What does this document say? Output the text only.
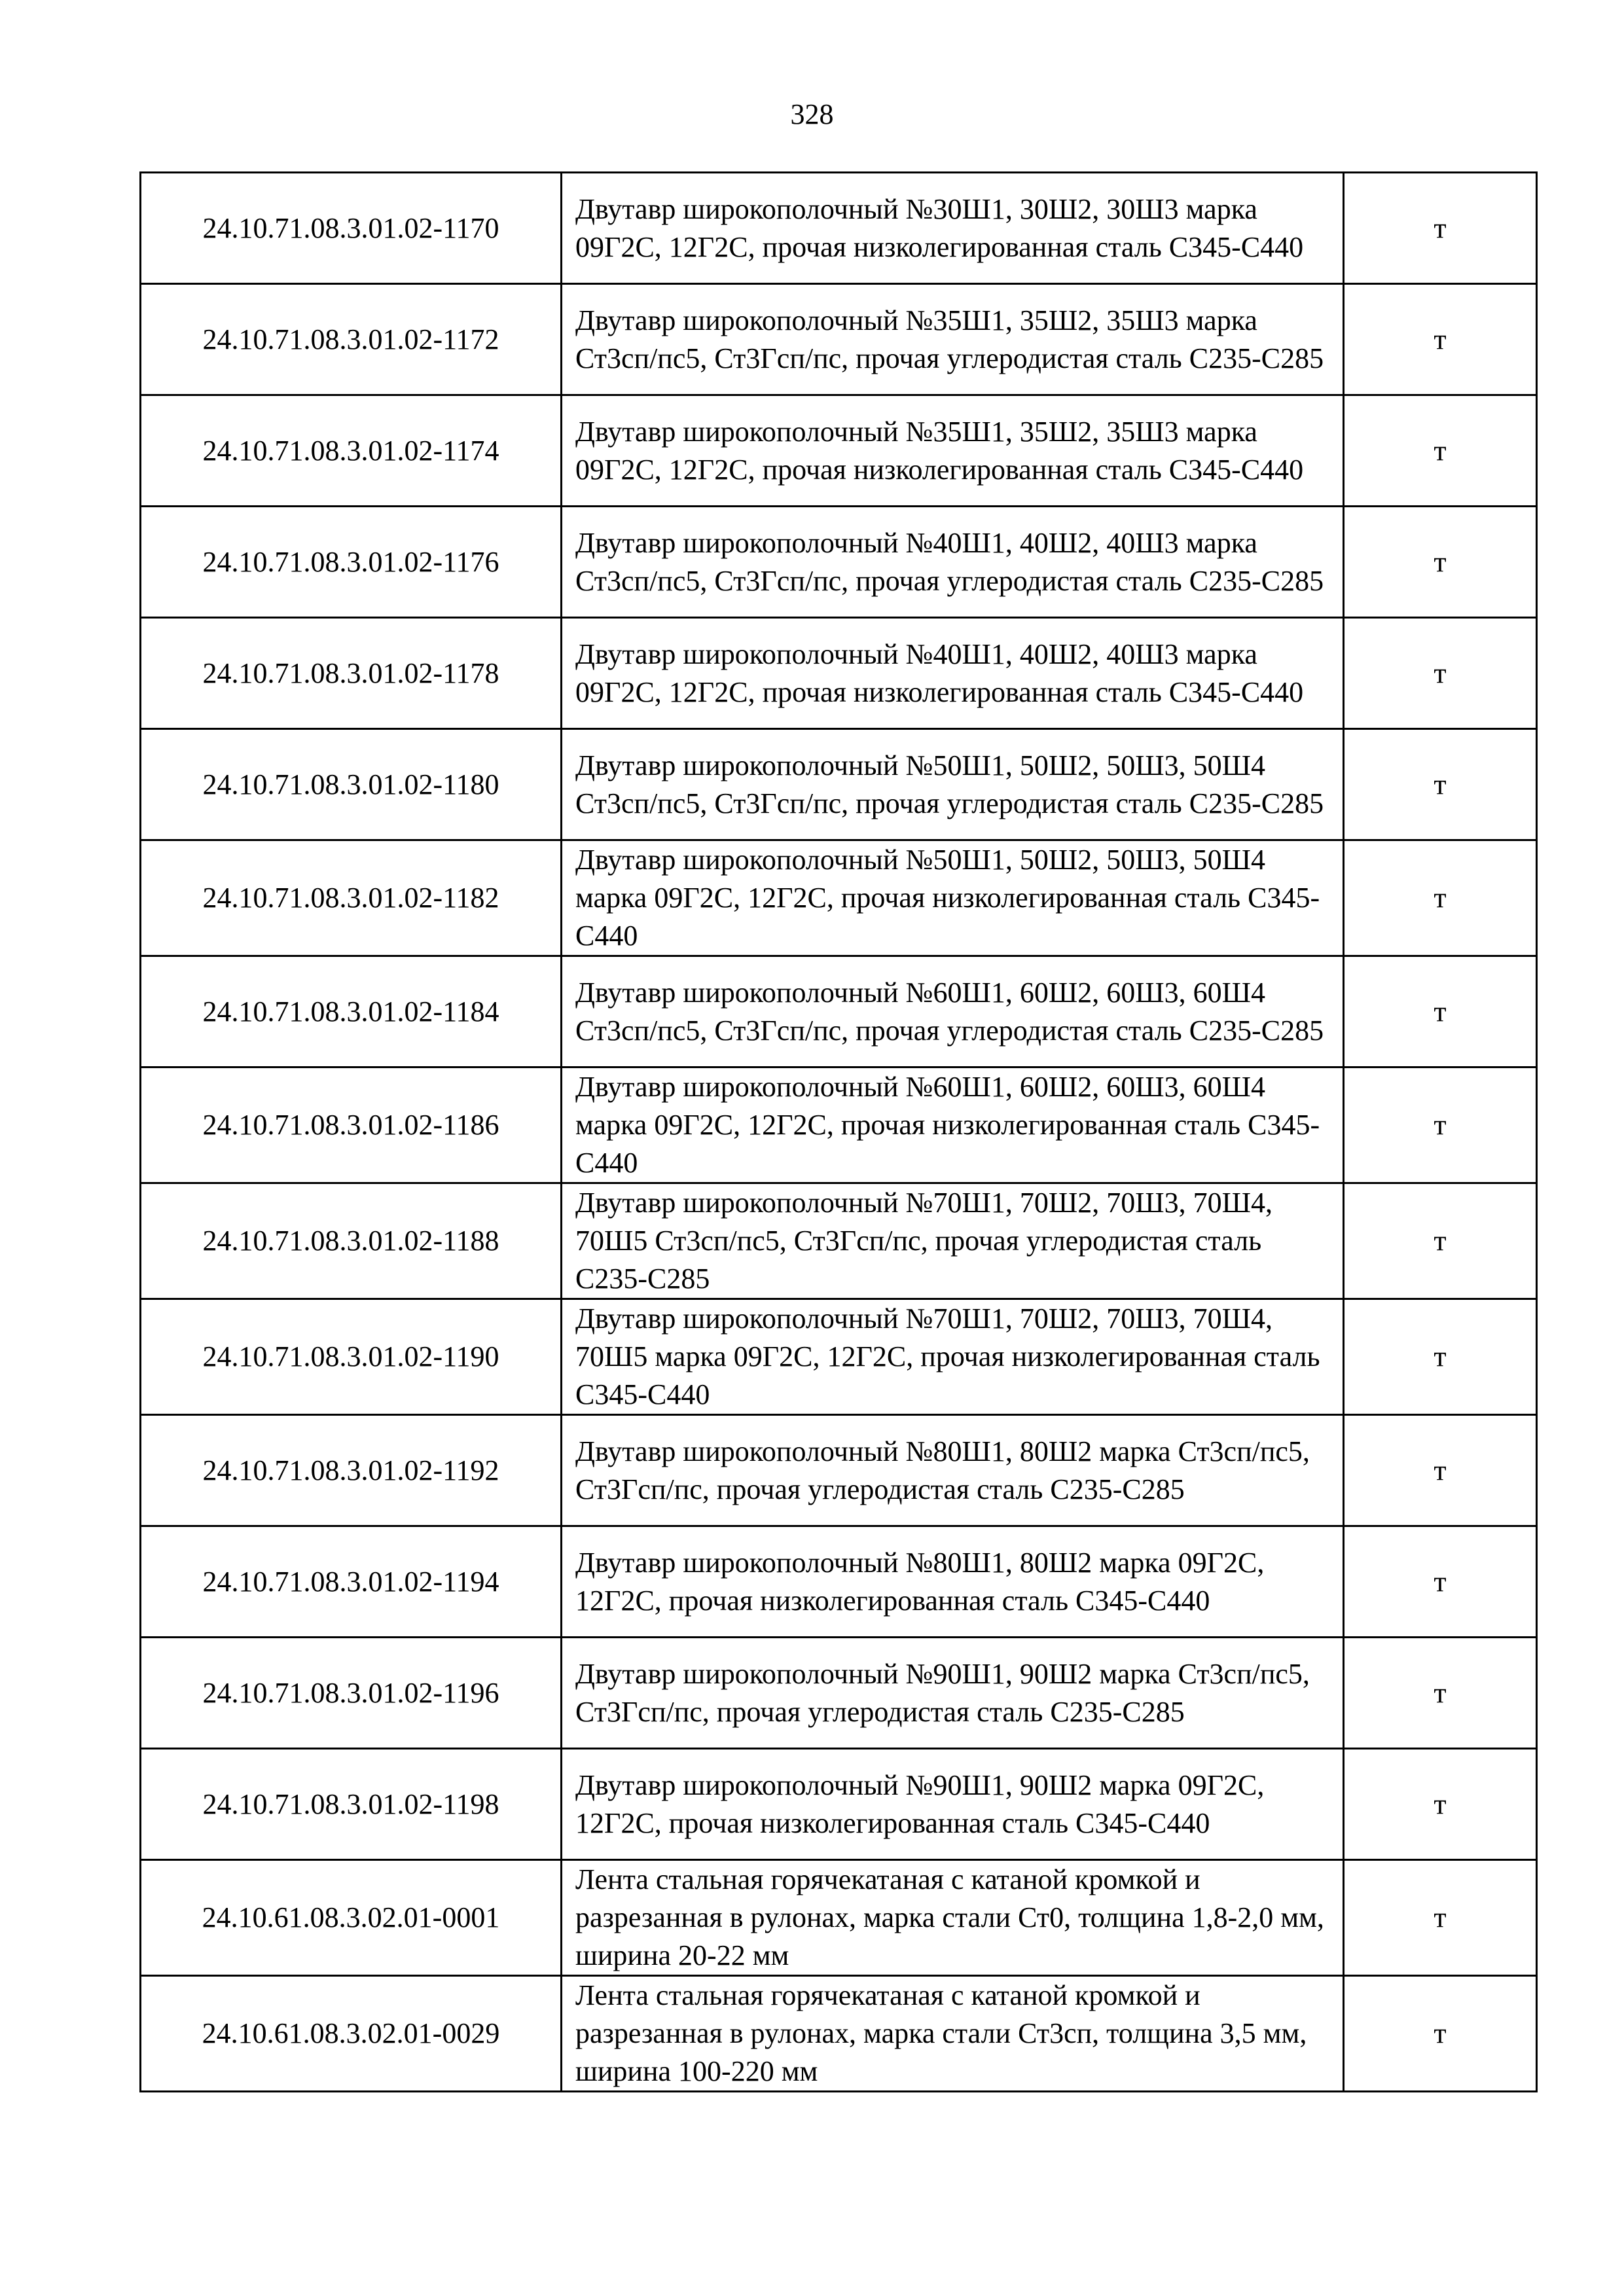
328
24.10.71.08.3.01.02-1170	Двутавр широкополочный №30Ш1, 30Ш2, 30Ш3 марка 09Г2С, 12Г2С, прочая низколегированная сталь С345-С440	т
24.10.71.08.3.01.02-1172	Двутавр широкополочный №35Ш1, 35Ш2, 35Ш3 марка Ст3сп/пс5, Ст3Гсп/пс, прочая углеродистая сталь С235-С285	т
24.10.71.08.3.01.02-1174	Двутавр широкополочный №35Ш1, 35Ш2, 35Ш3 марка 09Г2С, 12Г2С, прочая низколегированная сталь С345-С440	т
24.10.71.08.3.01.02-1176	Двутавр широкополочный №40Ш1, 40Ш2, 40Ш3 марка Ст3сп/пс5, Ст3Гсп/пс, прочая углеродистая сталь С235-С285	т
24.10.71.08.3.01.02-1178	Двутавр широкополочный №40Ш1, 40Ш2, 40Ш3 марка 09Г2С, 12Г2С, прочая низколегированная сталь С345-С440	т
24.10.71.08.3.01.02-1180	Двутавр широкополочный №50Ш1, 50Ш2, 50Ш3, 50Ш4 Ст3сп/пс5, Ст3Гсп/пс, прочая углеродистая сталь С235-С285	т
24.10.71.08.3.01.02-1182	Двутавр широкополочный №50Ш1, 50Ш2, 50Ш3, 50Ш4 марка 09Г2С, 12Г2С, прочая низколегированная сталь С345-С440	т
24.10.71.08.3.01.02-1184	Двутавр широкополочный №60Ш1, 60Ш2, 60Ш3, 60Ш4 Ст3сп/пс5, Ст3Гсп/пс, прочая углеродистая сталь С235-С285	т
24.10.71.08.3.01.02-1186	Двутавр широкополочный №60Ш1, 60Ш2, 60Ш3, 60Ш4 марка 09Г2С, 12Г2С, прочая низколегированная сталь С345-С440	т
24.10.71.08.3.01.02-1188	Двутавр широкополочный №70Ш1, 70Ш2, 70Ш3, 70Ш4, 70Ш5 Ст3сп/пс5, Ст3Гсп/пс, прочая углеродистая сталь С235-С285	т
24.10.71.08.3.01.02-1190	Двутавр широкополочный №70Ш1, 70Ш2, 70Ш3, 70Ш4, 70Ш5 марка 09Г2С, 12Г2С, прочая низколегированная сталь С345-С440	т
24.10.71.08.3.01.02-1192	Двутавр широкополочный №80Ш1, 80Ш2 марка Ст3сп/пс5, Ст3Гсп/пс, прочая углеродистая сталь С235-С285	т
24.10.71.08.3.01.02-1194	Двутавр широкополочный №80Ш1, 80Ш2 марка 09Г2С, 12Г2С, прочая низколегированная сталь С345-С440	т
24.10.71.08.3.01.02-1196	Двутавр широкополочный №90Ш1, 90Ш2 марка Ст3сп/пс5, Ст3Гсп/пс, прочая углеродистая сталь С235-С285	т
24.10.71.08.3.01.02-1198	Двутавр широкополочный №90Ш1, 90Ш2 марка 09Г2С, 12Г2С, прочая низколегированная сталь С345-С440	т
24.10.61.08.3.02.01-0001	Лента стальная горячекатаная с катаной кромкой и разрезанная в рулонах, марка стали Ст0, толщина 1,8-2,0 мм, ширина 20-22 мм	т
24.10.61.08.3.02.01-0029	Лента стальная горячекатаная с катаной кромкой и разрезанная в рулонах, марка стали Ст3сп, толщина 3,5 мм, ширина 100-220 мм	т
